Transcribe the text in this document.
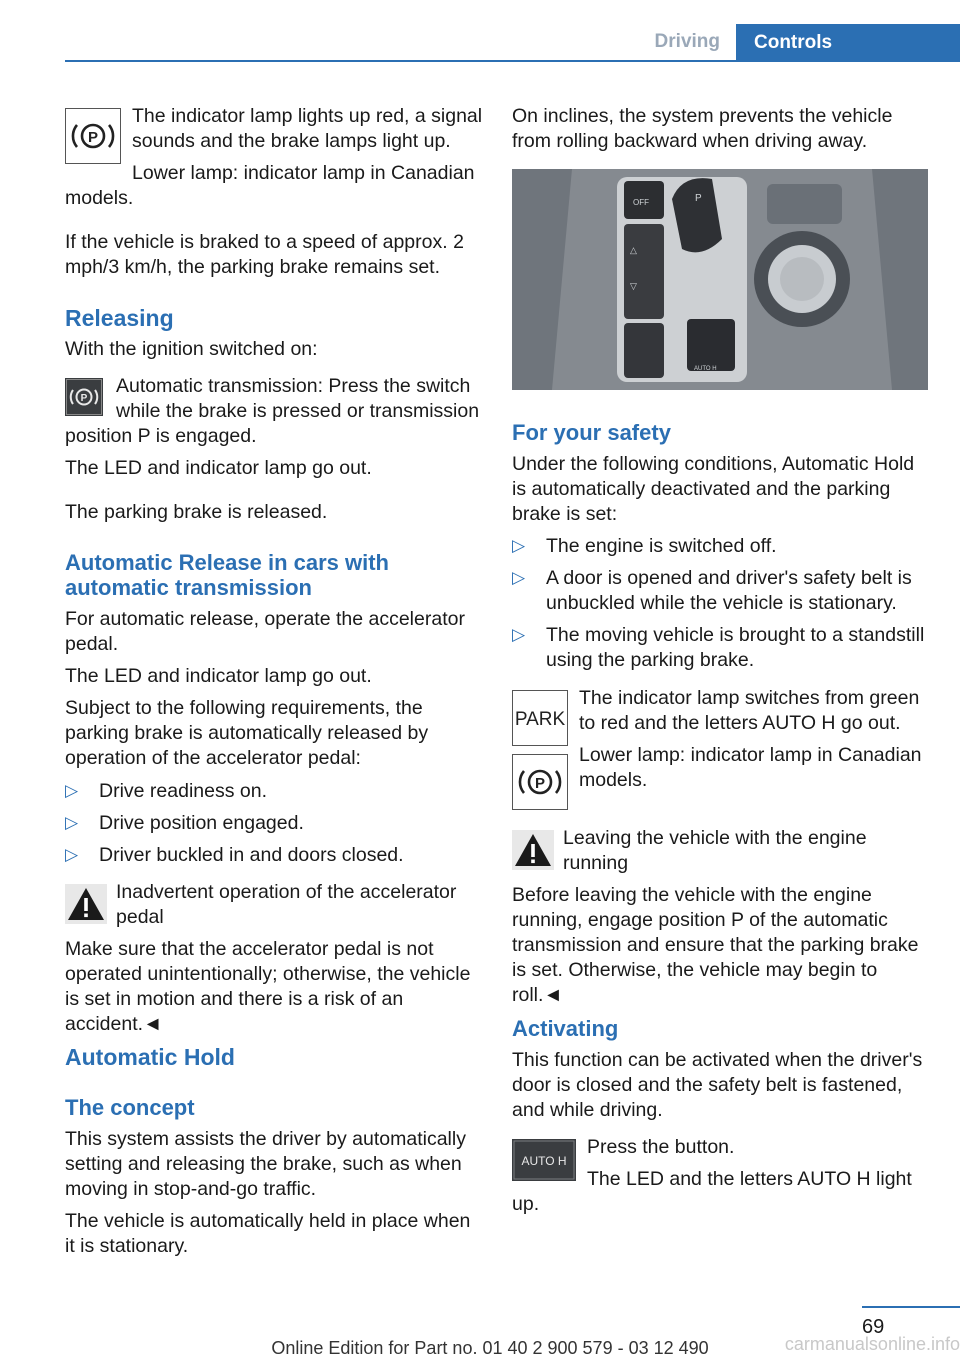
Driving	Controls
P

The indicator lamp lights up red, a signal sounds and the brake lamps light up.

Lower lamp: indicator lamp in Canadian

models.

If the vehicle is braked to a speed of approx. 2 mph/3 km/h, the parking brake remains set.

Releasing

With the ignition switched on:

P

Automatic transmission: Press the switch while the brake is pressed or transmission

position P is engaged.

The LED and indicator lamp go out.

The parking brake is released.

Automatic Release in cars with automatic transmission

For automatic release, operate the accelerator pedal.

The LED and indicator lamp go out.

Subject to the following requirements, the parking brake is automatically released by operation of the accelerator pedal:

▷ Drive readiness on.

▷ Drive position engaged.

▷ Driver buckled in and doors closed.

Inadvertent operation of the accelerator pedal

Make sure that the accelerator pedal is not operated unintentionally; otherwise, the vehicle is set in motion and there is a risk of an accident.◄

Automatic Hold
The concept

This system assists the driver by automatically setting and releasing the brake, such as when moving in stop-and-go traffic.

The vehicle is automatically held in place when it is stationary.

On inclines, the system prevents the vehicle from rolling backward when driving away.

△
▽
OFF	P
AUTO H
For your safety

Under the following conditions, Automatic Hold is automatically deactivated and the parking brake is set:

▷ The engine is switched off.

▷ A door is opened and driver's safety belt is unbuckled while the vehicle is stationary.

▷ The moving vehicle is brought to a standstill using the parking brake.

PARK

The indicator lamp switches from green to red and the letters AUTO H go out.

P

Lower lamp: indicator lamp in Canadian models.

Leaving the vehicle with the engine running

Before leaving the vehicle with the engine running, engage position P of the automatic transmission and ensure that the parking brake is set. Otherwise, the vehicle may begin to roll.◄

Activating

This function can be activated when the driver's door is closed and the safety belt is fastened, and while driving.

AUTO H

Press the button.

The LED and the letters AUTO H light

up.

69
Online Edition for Part no. 01 40 2 900 579 - 03 12 490	carmanualsonline.info
